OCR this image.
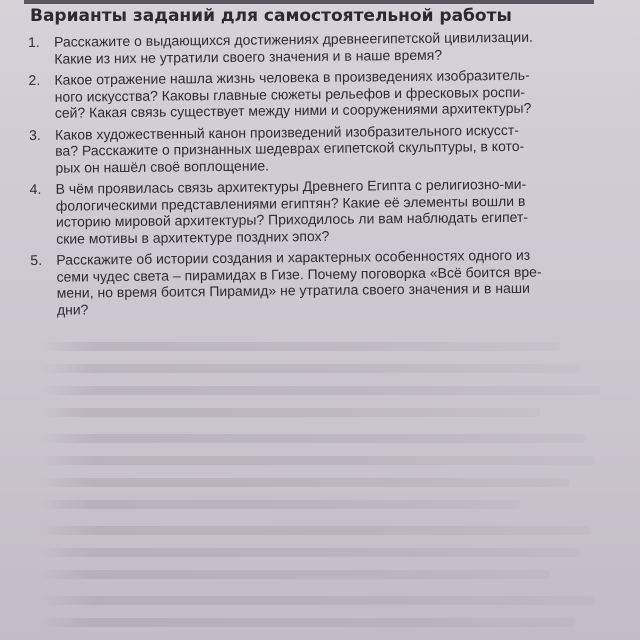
Варианты заданий для самостоятельной работы
1.	Расскажите о выдающихся достижениях древнеегипетской цивилизации.
Какие из них не утратили своего значения и в наше время?
2.	Какое отражение нашла жизнь человека в произведениях изобразитель-
ного искусства? Каковы главные сюжеты рельефов и фресковых роспи-
сей? Какая связь существует между ними и сооружениями архитектуры?
3.	Каков художественный канон произведений изобразительного искусст-
ва? Расскажите о признанных шедеврах египетской скульптуры, в кото-
рых он нашёл своё воплощение.
4.	В чём проявилась связь архитектуры Древнего Египта с религиозно-ми-
фологическими представлениями египтян? Какие её элементы вошли в
историю мировой архитектуры? Приходилось ли вам наблюдать египет-
ские мотивы в архитектуре поздних эпох?
5.	Расскажите об истории создания и характерных особенностях одного из
семи чудес света – пирамидах в Гизе. Почему поговорка «Всё боится вре-
мени, но время боится Пирамид» не утратила своего значения и в наши
дни?
